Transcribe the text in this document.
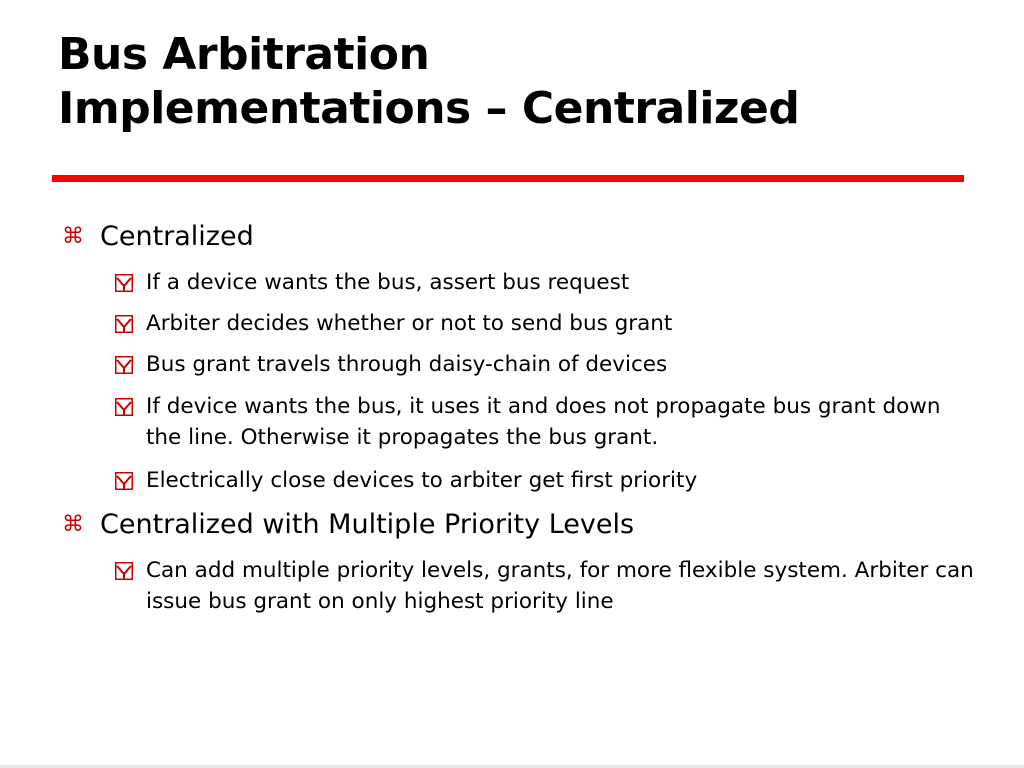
Bus Arbitration
Implementations – Centralized
⌘ Centralized
If a device wants the bus, assert bus request
Arbiter decides whether or not to send bus grant
Bus grant travels through daisy-chain of devices
If device wants the bus, it uses it and does not propagate bus grant down the line. Otherwise it propagates the bus grant.
Electrically close devices to arbiter get first priority
⌘ Centralized with Multiple Priority Levels
Can add multiple priority levels, grants, for more flexible system. Arbiter can issue bus grant on only highest priority line
